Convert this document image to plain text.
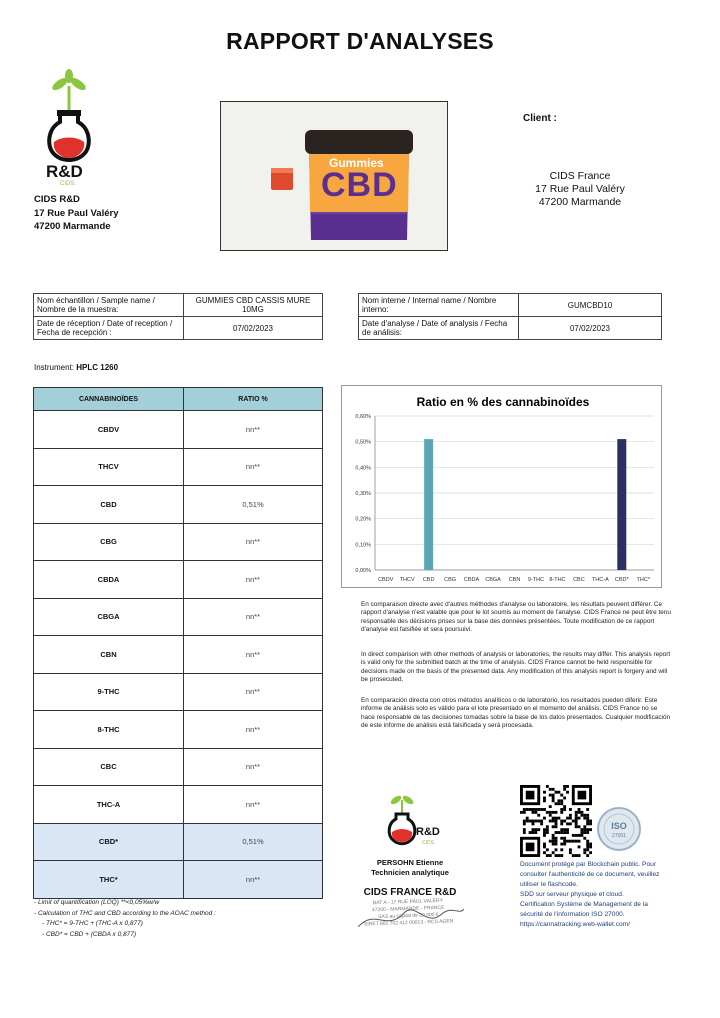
RAPPORT D'ANALYSES
R&D
CIDS.
CIDS R&D
17 Rue Paul Valéry
47200 Marmande
Gummies
CBD
Client :
CIDS France
17 Rue Paul Valéry
47200 Marmande
Nom échantillon / Sample name / Nombre de la muestra:	GUMMIES CBD CASSIS MURE 10MG
Date de réception / Date of reception / Fecha de recepción :	07/02/2023
Nom interne / Internal name / Nombre interno:	GUMCBD10
Date d'analyse / Date of analysis / Fecha de análisis:	07/02/2023
Instrument: HPLC 1260
CANNABINOÏDES	RATIO %
CBDV	nn**
THCV	nn**
CBD	0,51%
CBG	nn**
CBDA	nn**
CBGA	nn**
CBN	nn**
9-THC	nn**
8-THC	nn**
CBC	nn**
THC-A	nn**
CBD*	0,51%
THC*	nn**
- Limit of quantification (LOQ) **<0,05%w/w
- Calculation of THC and CBD according to the AOAC method :
- THC* = 9-THC + (THC-A x 0,877)
- CBD* = CBD + (CBDA x 0,877)
Ratio en % des cannabinoïdes
0,00%
0,10%
0,20%
0,30%
0,40%
0,50%
0,60%
CBDV THCV CBD CBG CBDA CBGA CBN 9-THC 8-THC CBC THC-A CBD* THC*
En comparaison directe avec d'autres méthodes d'analyse ou laboratoire, les résultats peuvent différer. Ce rapport d'analyse n'est valable que pour le lot soumis au moment de l'analyse. CIDS France ne peut être tenu responsable des décisions prises sur la base des données présentées. Toute modification de ce rapport d'analyse est falsifiée et sera poursuivi.
In direct comparison with other methods of analysis or laboratories, the results may differ. This analysis report is valid only for the submitted batch at the time of analysis. CIDS France cannot be held responsible for decisions made on the basis of the presented data. Any modification of this analysis report is forgery and will be prosecuted.
En comparación directa con otros métodos analíticos o de laboratorio, los resultados pueden diferir. Este informe de análisis solo es válido para el lote presentado en el momento del análisis. CIDS France no se hace responsable de las decisiones tomadas sobre la base de los datos presentados. Cualquier modificación de este informe de análisis está falsificada y será procesada.
R&D
CIDS.
PERSOHN Etienne
Technicien analytique
CIDS FRANCE R&D
BAT A - 17 RUE PAUL VALÉRY
47200 - MARMANDE - FRANCE
SAS au capital de 20 000 €
SIRET 881 702 412 00013 - RCS AGEN
ISO
27001
Document protégé par Blockchain public. Pour
consulter l'authenticité de ce document, veuillez
utiliser le flashcode.
SDD sur serveur physique et cloud.
Certification Système de Management de la
sécurité de l'information ISO 27000.
https://cannatracking.web-wallet.com/
